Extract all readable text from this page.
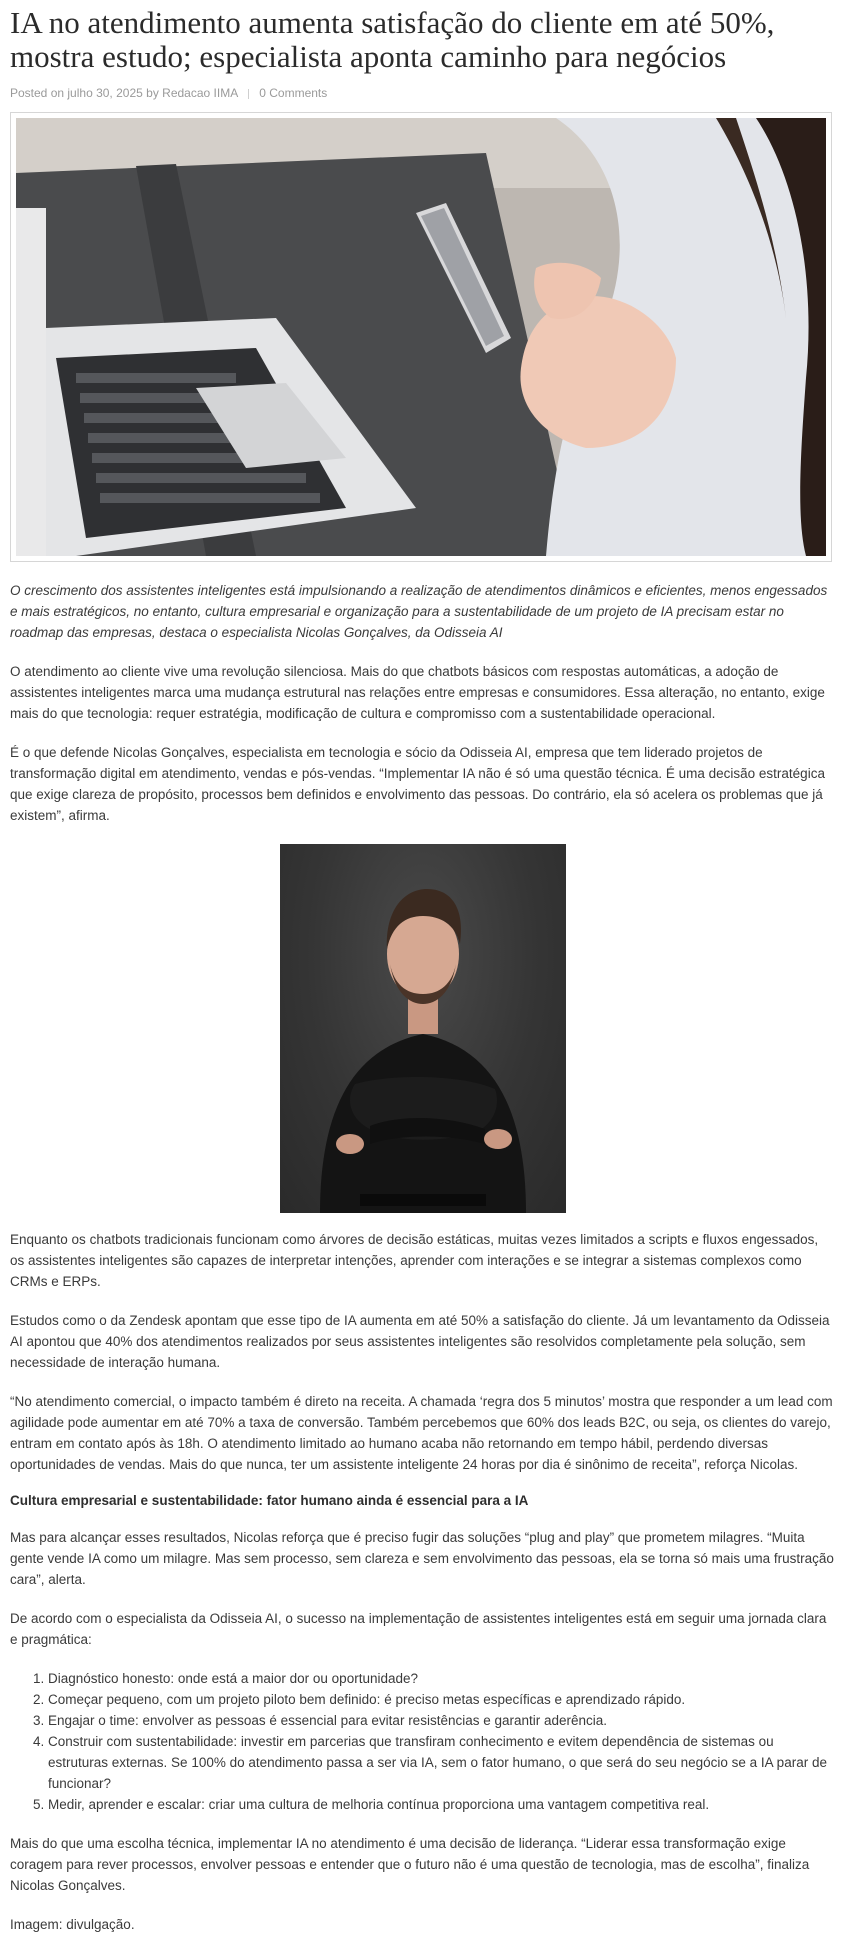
IA no atendimento aumenta satisfação do cliente em até 50%, mostra estudo; especialista aponta caminho para negócios
Posted on julho 30, 2025 by Redacao IIMA 0 Comments

O crescimento dos assistentes inteligentes está impulsionando a realização de atendimentos dinâmicos e eficientes, menos engessados e mais estratégicos, no entanto, cultura empresarial e organização para a sustentabilidade de um projeto de IA precisam estar no roadmap das empresas, destaca o especialista Nicolas Gonçalves, da Odisseia AI

O atendimento ao cliente vive uma revolução silenciosa. Mais do que chatbots básicos com respostas automáticas, a adoção de assistentes inteligentes marca uma mudança estrutural nas relações entre empresas e consumidores. Essa alteração, no entanto, exige mais do que tecnologia: requer estratégia, modificação de cultura e compromisso com a sustentabilidade operacional.

É o que defende Nicolas Gonçalves, especialista em tecnologia e sócio da Odisseia AI, empresa que tem liderado projetos de transformação digital em atendimento, vendas e pós-vendas. “Implementar IA não é só uma questão técnica. É uma decisão estratégica que exige clareza de propósito, processos bem definidos e envolvimento das pessoas. Do contrário, ela só acelera os problemas que já existem”, afirma.

Enquanto os chatbots tradicionais funcionam como árvores de decisão estáticas, muitas vezes limitados a scripts e fluxos engessados, os assistentes inteligentes são capazes de interpretar intenções, aprender com interações e se integrar a sistemas complexos como CRMs e ERPs.

Estudos como o da Zendesk apontam que esse tipo de IA aumenta em até 50% a satisfação do cliente. Já um levantamento da Odisseia AI apontou que 40% dos atendimentos realizados por seus assistentes inteligentes são resolvidos completamente pela solução, sem necessidade de interação humana.

“No atendimento comercial, o impacto também é direto na receita. A chamada ‘regra dos 5 minutos’ mostra que responder a um lead com agilidade pode aumentar em até 70% a taxa de conversão. Também percebemos que 60% dos leads B2C, ou seja, os clientes do varejo, entram em contato após às 18h. O atendimento limitado ao humano acaba não retornando em tempo hábil, perdendo diversas oportunidades de vendas. Mais do que nunca, ter um assistente inteligente 24 horas por dia é sinônimo de receita”, reforça Nicolas.

Cultura empresarial e sustentabilidade: fator humano ainda é essencial para a IA

Mas para alcançar esses resultados, Nicolas reforça que é preciso fugir das soluções “plug and play” que prometem milagres. “Muita gente vende IA como um milagre. Mas sem processo, sem clareza e sem envolvimento das pessoas, ela se torna só mais uma frustração cara”, alerta.

De acordo com o especialista da Odisseia AI, o sucesso na implementação de assistentes inteligentes está em seguir uma jornada clara e pragmática:

1. Diagnóstico honesto: onde está a maior dor ou oportunidade?
2. Começar pequeno, com um projeto piloto bem definido: é preciso metas específicas e aprendizado rápido.
3. Engajar o time: envolver as pessoas é essencial para evitar resistências e garantir aderência.
4. Construir com sustentabilidade: investir em parcerias que transfiram conhecimento e evitem dependência de sistemas ou estruturas externas. Se 100% do atendimento passa a ser via IA, sem o fator humano, o que será do seu negócio se a IA parar de funcionar?
5. Medir, aprender e escalar: criar uma cultura de melhoria contínua proporciona uma vantagem competitiva real.

Mais do que uma escolha técnica, implementar IA no atendimento é uma decisão de liderança. “Liderar essa transformação exige coragem para rever processos, envolver pessoas e entender que o futuro não é uma questão de tecnologia, mas de escolha”, finaliza Nicolas Gonçalves.

Imagem: divulgação.
